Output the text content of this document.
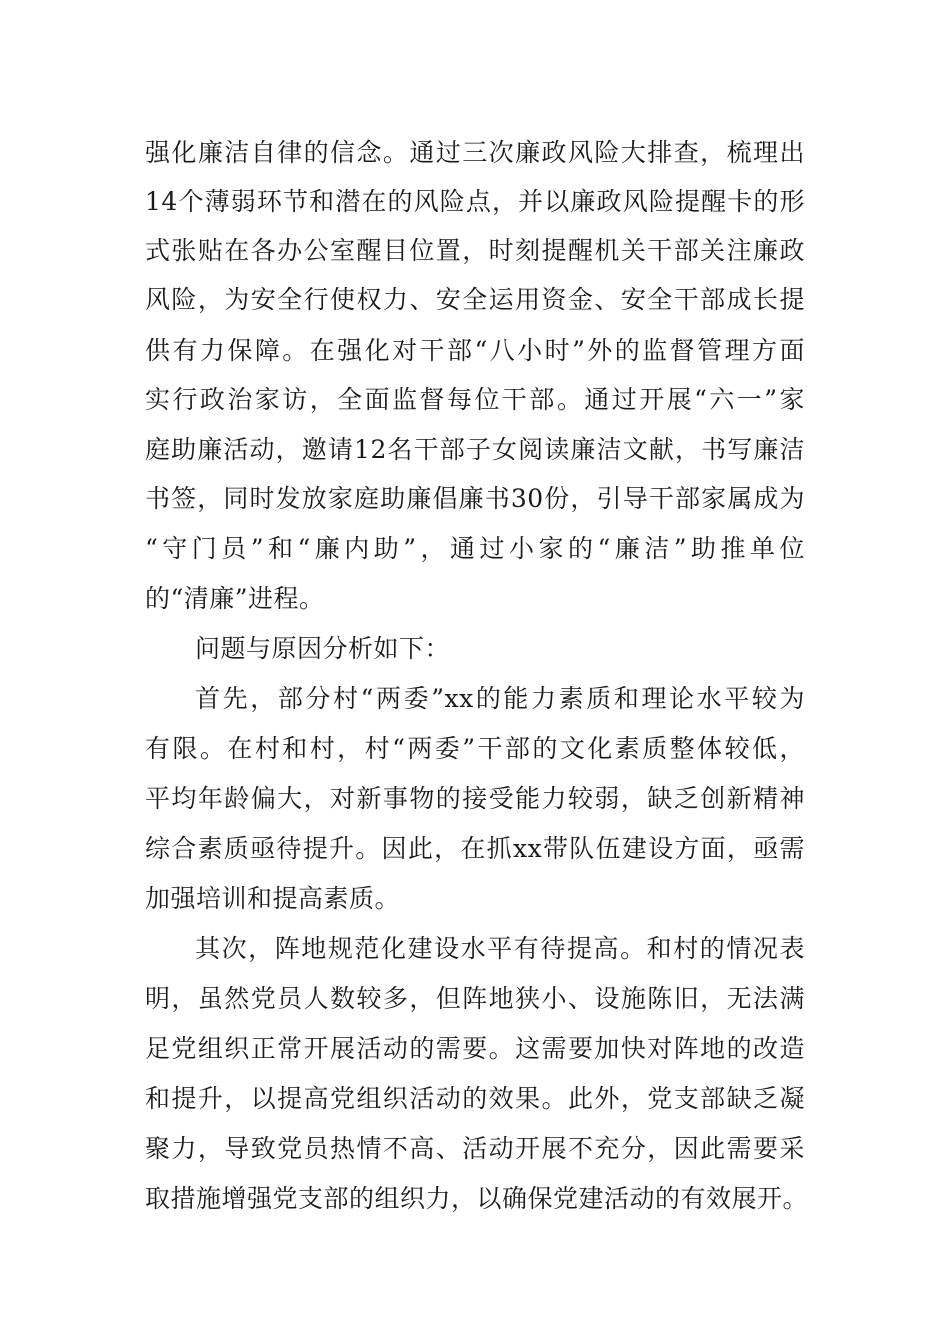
强化廉洁自律的信念。通过三次廉政风险大排查，梳理出
14个薄弱环节和潜在的风险点，并以廉政风险提醒卡的形
式张贴在各办公室醒目位置，时刻提醒机关干部关注廉政
风险，为安全行使权力、安全运用资金、安全干部成长提
供有力保障。在强化对干部“八小时”外的监督管理方面
实行政治家访，全面监督每位干部。通过开展“六一”家
庭助廉活动，邀请12名干部子女阅读廉洁文献，书写廉洁
书签，同时发放家庭助廉倡廉书30份，引导干部家属成为
“守门员”和“廉内助”，通过小家的“廉洁”助推单位
的“清廉”进程。
问题与原因分析如下：
首先，部分村“两委”xx的能力素质和理论水平较为
有限。在村和村，村“两委”干部的文化素质整体较低，
平均年龄偏大，对新事物的接受能力较弱，缺乏创新精神
综合素质亟待提升。因此，在抓xx带队伍建设方面，亟需
加强培训和提高素质。
其次，阵地规范化建设水平有待提高。和村的情况表
明，虽然党员人数较多，但阵地狭小、设施陈旧，无法满
足党组织正常开展活动的需要。这需要加快对阵地的改造
和提升，以提高党组织活动的效果。此外，党支部缺乏凝
聚力，导致党员热情不高、活动开展不充分，因此需要采
取措施增强党支部的组织力，以确保党建活动的有效展开。
